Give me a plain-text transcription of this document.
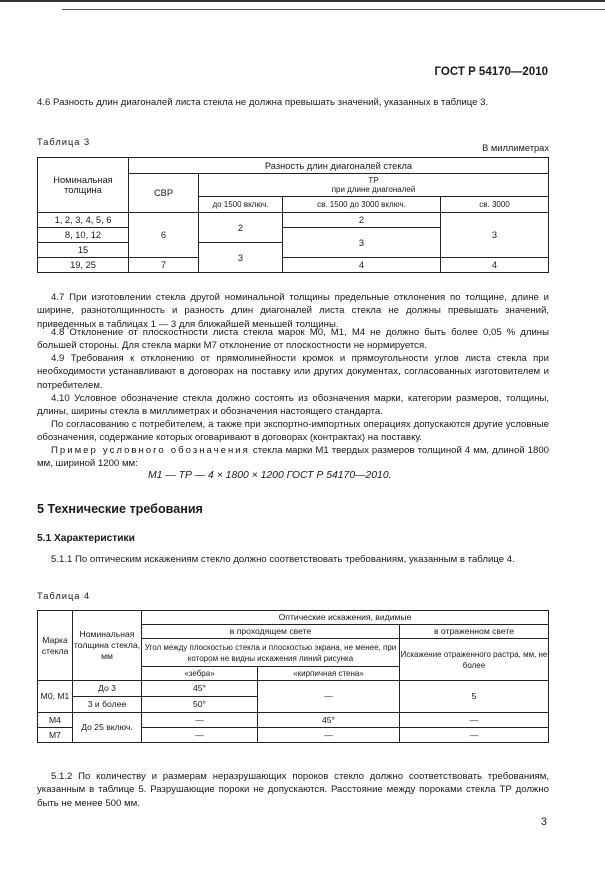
ГОСТ Р 54170—2010
4.6 Разность длин диагоналей листа стекла не должна превышать значений, указанных в таблице 3.
Таблица 3
В миллиметрах
Номинальная толщина	Разность длин диагоналей стекла			
	СВР	ТР
при длине диагоналей		

		до 1500 включ.	св. 1500 до 3000 включ.	св. 3000
1, 2, 3, 4, 5, 6	6	2	2	3
8, 10, 12			3	
15		3		
19, 25	7		4	4
4.7 При изготовлении стекла другой номинальной толщины предельные отклонения по толщине, длине и ширине, разнотолщинность и разность длин диагоналей листа стекла не должны превышать значений, приведенных в таблицах 1 — 3 для ближайшей меньшей толщины.
4.8 Отклонение от плоскостности листа стекла марок М0, М1, М4 не должно быть более 0,05 % длины большей стороны. Для стекла марки М7 отклонение от плоскостности не нормируется.
4.9 Требования к отклонению от прямолинейности кромок и прямоугольности углов листа стекла при необходимости устанавливают в договорах на поставку или других документах, согласованных изготовителем и потребителем.
4.10 Условное обозначение стекла должно состоять из обозначения марки, категории размеров, толщины, длины, ширины стекла в миллиметрах и обозначения настоящего стандарта.
По согласованию с потребителем, а также при экспортно-импортных операциях допускаются другие условные обозначения, содержание которых оговаривают в договорах (контрактах) на поставку.
Пример условного обозначения стекла марки М1 твердых размеров толщиной 4 мм, длиной 1800 мм, шириной 1200 мм:
М1 — ТР — 4 × 1800 × 1200 ГОСТ Р 54170—2010.
5 Технические требования
5.1 Характеристики
5.1.1 По оптическим искажениям стекло должно соответствовать требованиям, указанным в таблице 4.
Таблица 4
Марка стекла	Номинальная толщина стекла, мм	Оптические искажения, видимые		
		в проходящем свете		в отраженном свете
		Угол между плоскостью стекла и плоскостью экрана, не менее, при котором не видны искажения линий рисунка		Искажение отраженного растра, мм, не более
		«зебра»	«кирпичная стена»	
М0, М1	До 3	45°	—	5
	3 и более	50°		
М4	До 25 включ.	—	45°	—
М7		—	—	—
5.1.2 По количеству и размерам неразрушающих пороков стекло должно соответствовать требованиям, указанным в таблице 5. Разрушающие пороки не допускаются. Расстояние между пороками стекла ТР должно быть не менее 500 мм.
3
